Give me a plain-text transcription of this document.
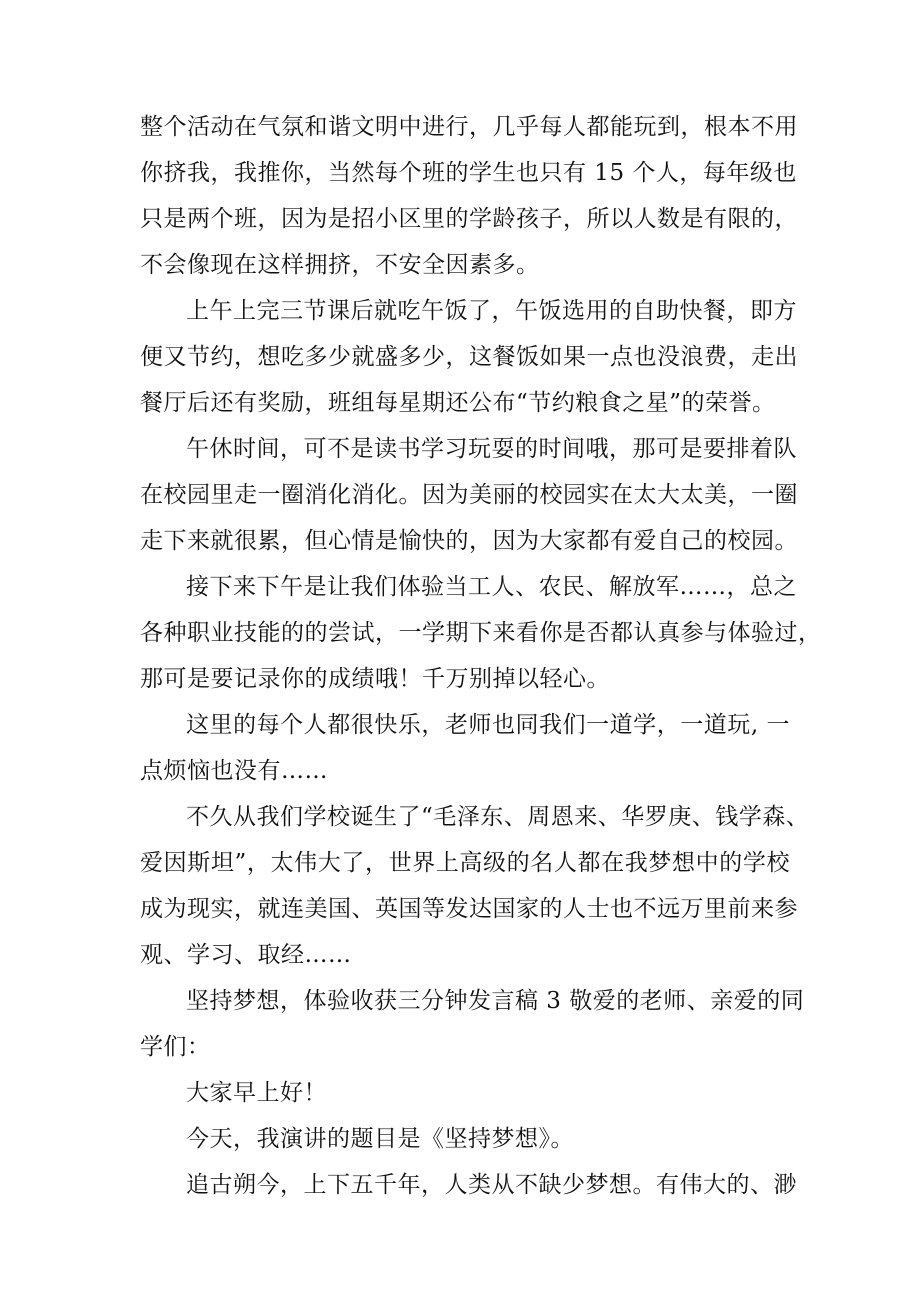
整个活动在气氛和谐文明中进行，几乎每人都能玩到，根本不用
你挤我，我推你，当然每个班的学生也只有 15 个人，每年级也
只是两个班，因为是招小区里的学龄孩子，所以人数是有限的，
不会像现在这样拥挤，不安全因素多。
上午上完三节课后就吃午饭了，午饭选用的自助快餐，即方
便又节约，想吃多少就盛多少，这餐饭如果一点也没浪费，走出
餐厅后还有奖励，班组每星期还公布“节约粮食之星”的荣誉。
午休时间，可不是读书学习玩耍的时间哦，那可是要排着队
在校园里走一圈消化消化。因为美丽的校园实在太大太美，一圈
走下来就很累，但心情是愉快的，因为大家都有爱自己的校园。
接下来下午是让我们体验当工人、农民、解放军……，总之
各种职业技能的的尝试，一学期下来看你是否都认真参与体验过，
那可是要记录你的成绩哦！千万别掉以轻心。
这里的每个人都很快乐，老师也同我们一道学，一道玩, 一
点烦恼也没有……
不久从我们学校诞生了“毛泽东、周恩来、华罗庚、钱学森、
爱因斯坦”，太伟大了，世界上高级的名人都在我梦想中的学校
成为现实，就连美国、英国等发达国家的人士也不远万里前来参
观、学习、取经……
坚持梦想，体验收获三分钟发言稿 3 敬爱的老师、亲爱的同
学们：
大家早上好！
今天，我演讲的题目是《坚持梦想》。
追古朔今，上下五千年，人类从不缺少梦想。有伟大的、渺
